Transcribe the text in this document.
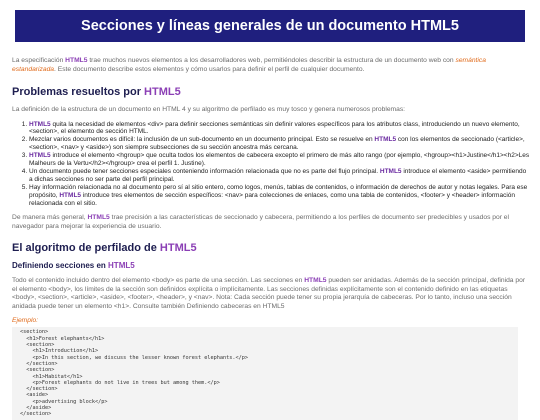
Secciones y líneas generales de un documento HTML5

La especificación HTML5 trae muchos nuevos elementos a los desarrolladores web, permitiéndoles describir la estructura de un documento web con semántica estandarizada. Este documento describe estos elementos y cómo usarlos para definir el perfil de cualquier documento.

Problemas resueltos por HTML5

La definición de la estructura de un documento en HTML 4 y su algoritmo de perfilado es muy tosco y genera numerosos problemas:

1. HTML5 quita la necesidad de elementos <div> para definir secciones semánticas sin definir valores específicos para los atributos class, introduciendo un nuevo elemento, <section>, el elemento de sección HTML.
2. Mezclar varios documentos es difícil: la inclusión de un sub-documento en un documento principal. Esto se resuelve en HTML5 con los elementos de seccionado (<article>, <section>, <nav> y <aside>) son siempre subsecciones de su sección ancestra más cercana.
3. HTML5 introduce el elemento <hgroup> que oculta todos los elementos de cabecera excepto el primero de más alto rango (por ejemplo, <hgroup><h1>Justine</h1><h2>Les Malheurs de la Vertu</h2></hgroup> crea el perfil 1. Justine).
4. Un documento puede tener secciones especiales conteniendo información relacionada que no es parte del flujo principal. HTML5 introduce el elemento <aside> permitiendo a dichas secciones no ser parte del perfil principal.
5. Hay información relacionada no al documento pero sí al sitio entero, como logos, menús, tablas de contenidos, o información de derechos de autor y notas legales. Para ese propósito, HTML5 introduce tres elementos de sección específicos: <nav> para colecciones de enlaces, como una tabla de contenidos, <footer> y <header> información relacionada con el sitio.

De manera más general, HTML5 trae precisión a las características de seccionado y cabecera, permitiendo a los perfiles de documento ser predecibles y usados por el navegador para mejorar la experiencia de usuario.

El algoritmo de perfilado de HTML5
Definiendo secciones en HTML5

Todo el contenido incluido dentro del elemento <body> es parte de una sección. Las secciones en HTML5 pueden ser anidadas. Además de la sección principal, definida por el elemento <body>, los límites de la sección son definidos explícita o implícitamente. Las secciones definidas explícitamente son el contenido definido en las etiquetas <body>, <section>, <article>, <aside>, <footer>, <header>, y <nav>. Nota: Cada sección puede tener su propia jerarquía de cabeceras. Por lo tanto, incluso una sección anidada puede tener un elemento <h1>. Consulte también Definiendo cabeceras en HTML5

Ejemplo:

<section>
<h1>Forest elephants</h1>
<section>
<h1>Introduction</h1>
<p>In this section, we discuss the lesser known forest elephants.</p>
</section>
<section>
<h1>Habitat</h1>
<p>Forest elephants do not live in trees but among them.</p>
</section>
<aside>
<p>advertising block</p>
</aside>
</section>
